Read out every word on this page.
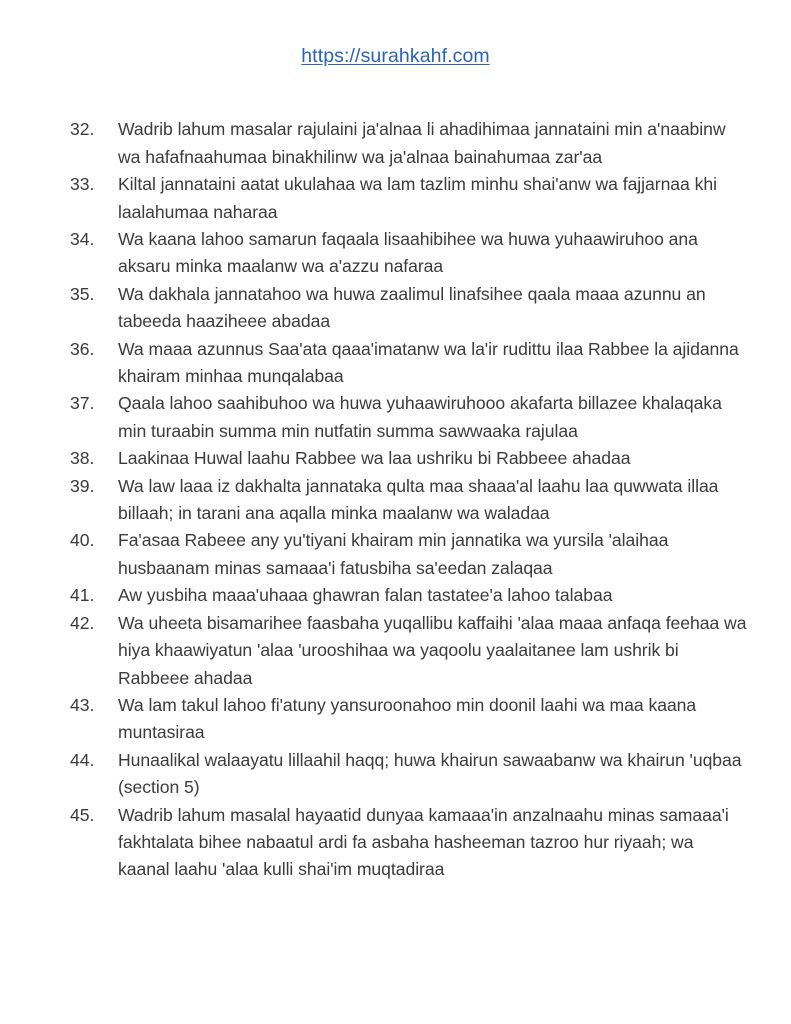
https://surahkahf.com
32.	Wadrib lahum masalar rajulaini ja'alnaa li ahadihimaa jannataini min a'naabinw wa hafafnaahumaa binakhilinw wa ja'alnaa bainahumaa zar'aa
33.	Kiltal jannataini aatat ukulahaa wa lam tazlim minhu shai'anw wa fajjarnaa khi laalahumaa naharaa
34.	Wa kaana lahoo samarun faqaala lisaahibihee wa huwa yuhaawiruhoo ana aksaru minka maalanw wa a'azzu nafaraa
35.	Wa dakhala jannatahoo wa huwa zaalimul linafsihee qaala maaa azunnu an tabeeda haaziheee abadaa
36.	Wa maaa azunnus Saa'ata qaaa'imatanw wa la'ir rudittu ilaa Rabbee la ajidanna khairam minhaa munqalabaa
37.	Qaala lahoo saahibuhoo wa huwa yuhaawiruhooo akafarta billazee khalaqaka min turaabin summa min nutfatin summa sawwaaka rajulaa
38.	Laakinaa Huwal laahu Rabbee wa laa ushriku bi Rabbeee ahadaa
39.	Wa law laaa iz dakhalta jannataka qulta maa shaaa'al laahu laa quwwata illaa billaah; in tarani ana aqalla minka maalanw wa waladaa
40.	Fa'asaa Rabeee any yu'tiyani khairam min jannatika wa yursila 'alaihaa husbaanam minas samaaa'i fatusbiha sa'eedan zalaqaa
41.	Aw yusbiha maaa'uhaaa ghawran falan tastatee'a lahoo talabaa
42.	Wa uheeta bisamarihee faasbaha yuqallibu kaffaihi 'alaa maaa anfaqa feehaa wa hiya khaawiyatun 'alaa 'urooshihaa wa yaqoolu yaalaitanee lam ushrik bi Rabbeee ahadaa
43.	Wa lam takul lahoo fi'atuny yansuroonahoo min doonil laahi wa maa kaana muntasiraa
44.	Hunaalikal walaayatu lillaahil haqq; huwa khairun sawaabanw wa khairun 'uqbaa (section 5)
45.	Wadrib lahum masalal hayaatid dunyaa kamaaa'in anzalnaahu minas samaaa'i fakhtalata bihee nabaatul ardi fa asbaha hasheeman tazroo hur riyaah; wa kaanal laahu 'alaa kulli shai'im muqtadiraa
